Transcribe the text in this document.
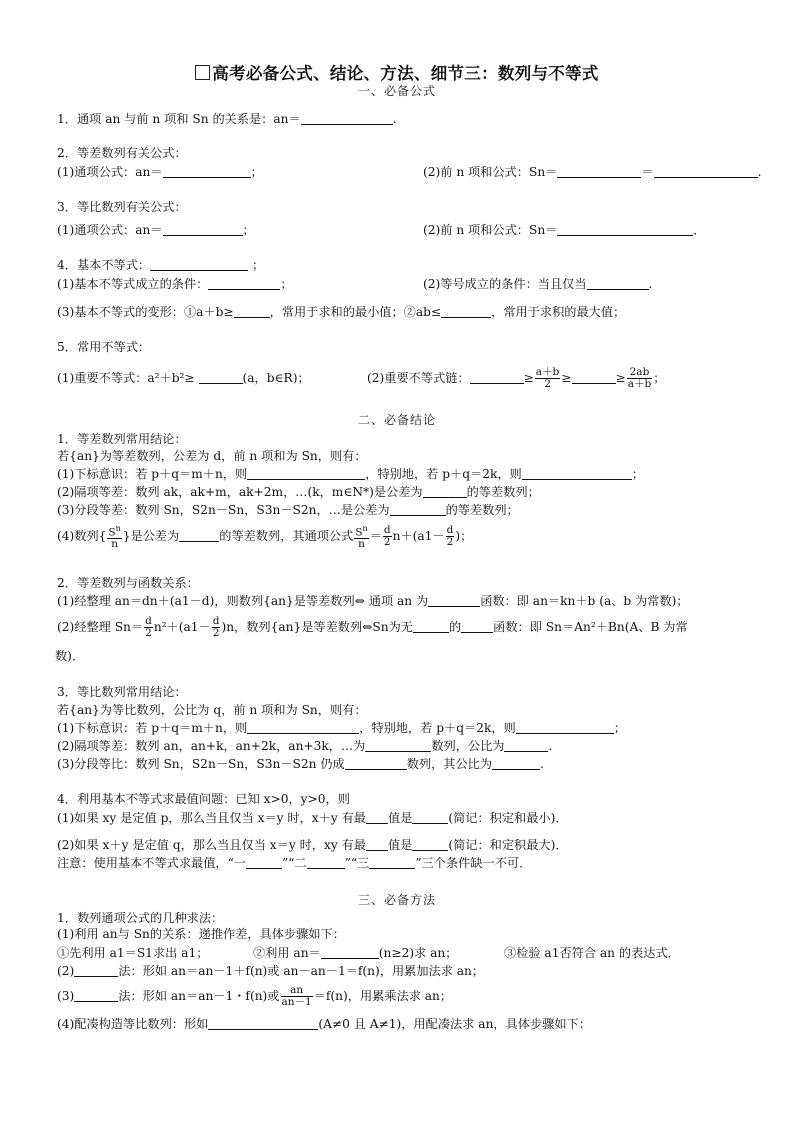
高考必备公式、结论、方法、细节三：数列与不等式
一、必备公式
1．通项 an 与前 n 项和 Sn 的关系是：an＝	.
2．等差数列有关公式：
(1)通项公式：an＝	；	(2)前 n 项和公式：Sn＝	＝	.
3．等比数列有关公式：
(1)通项公式：an＝	；	(2)前 n 项和公式：Sn＝	．
4．基本不等式：	；
(1)基本不等式成立的条件：	；	(2)等号成立的条件：当且仅当	.
(3)基本不等式的变形：①a＋b≥	，常用于求和的最小值；②ab≤	，常用于求积的最大值；
5．常用不等式：
(1)重要不等式：a²＋b²≥	(a，b∈R)；	(2)重要不等式链：	≥ $\frac{a+b}{2}$ ≥	≥ $\frac{2ab}{a+b}$ ；
二、必备结论
1．等差数列常用结论：
若{an}为等差数列，公差为 d，前 n 项和为 Sn，则有：
(1)下标意识：若 p＋q＝m＋n，则	，特别地，若 p＋q＝2k，则	；
(2)隔项等差：数列 ak，ak+m，ak+2m，…(k，m∈N*)是公差为	的等差数列；
(3)分段等差：数列 Sn，S2n－Sn，S3n－S2n，…是公差为	的等差数列；
(4)数列{ $\frac{S^n}{n}$ }是公差为	的等差数列，其通项公式 $\frac{S^n}{n} = \frac{d}{2} n+(a1- \frac{d}{2}$ )；
2．等差数列与函数关系：
(1)经整理 an＝dn＋(a1－d)，则数列{an}是等差数列⇔ 通项 an 为	函数：即 an＝kn＋b (a、b 为常数)；
(2)经整理 $Sn= \frac{d}{2} n^2+(a1- \frac{d}{2} )n$，数列{an}是等差数列⇔Sn为无	的	函数：即 Sn＝An²＋Bn(A、B 为常
数)．
3．等比数列常用结论：
若{an}为等比数列，公比为 q，前 n 项和为 Sn，则有：
(1)下标意识：若 p＋q＝m＋n，则	，特别地，若 p＋q＝2k，则	；
(2)隔项等差：数列 an，an+k，an+2k，an+3k，…为	数列，公比为	.
(3)分段等比：数列 Sn，S2n－Sn，S3n－S2n 仍成	数列，其公比为	.
4．利用基本不等式求最值问题：已知 x>0，y>0，则
(1)如果 xy 是定值 p，那么当且仅当 x＝y 时，x＋y 有最 值是	(简记：积定和最小)．
(2)如果 x＋y 是定值 q，那么当且仅当 x＝y 时，xy 有最 值是	(简记：和定积最大)．
注意：使用基本不等式求最值，“一	”“二	”“三	”三个条件缺一不可．
三、必备方法
1．数列通项公式的几种求法：
(1)利用 an与 Sn的关系：递推作差，具体步骤如下：
①先利用 a1＝S1求出 a1；	②利用 an＝	(n≥2)求 an；	③检验 a1否符合 an 的表达式．
(2)	法：形如 an＝an－1＋f(n)或 an－an－1＝f(n)，用累加法求 an；
(3)	法：形如 an＝an－1・f(n)或 $\frac{an}{an-1} =f(n)$，用累乘法求 an；
(4)配凑构造等比数列：形如	(A≠0 且 A≠1)，用配凑法求 an，具体步骤如下：
